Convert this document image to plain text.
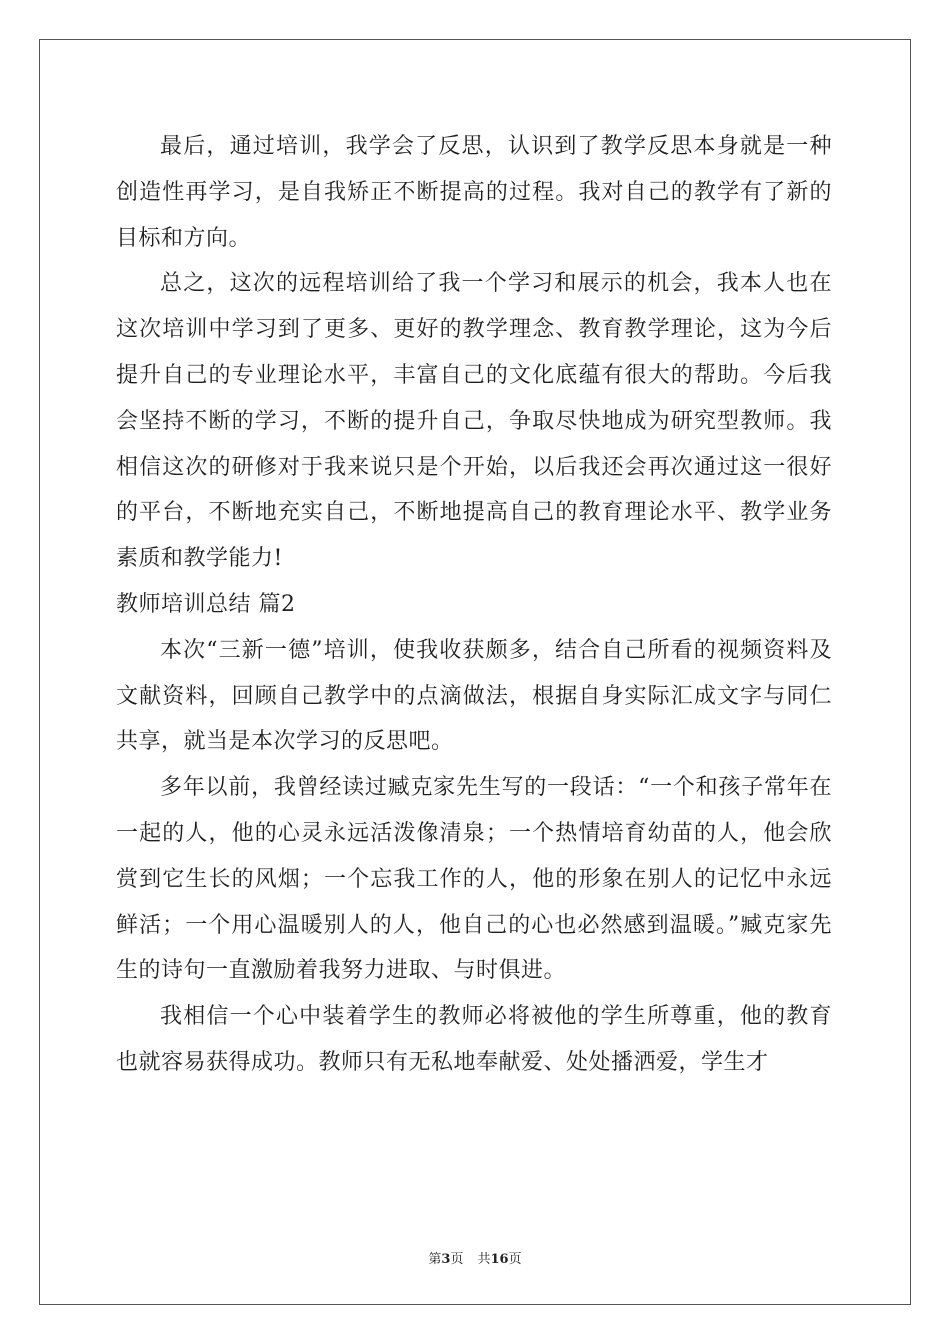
最后，通过培训，我学会了反思，认识到了教学反思本身就是一种创造性再学习，是自我矫正不断提高的过程。我对自己的教学有了新的目标和方向。

总之，这次的远程培训给了我一个学习和展示的机会，我本人也在这次培训中学习到了更多、更好的教学理念、教育教学理论，这为今后提升自己的专业理论水平，丰富自己的文化底蕴有很大的帮助。今后我会坚持不断的学习，不断的提升自己，争取尽快地成为研究型教师。我相信这次的研修对于我来说只是个开始，以后我还会再次通过这一很好的平台，不断地充实自己，不断地提高自己的教育理论水平、教学业务素质和教学能力!

教师培训总结 篇2

本次“三新一德”培训，使我收获颇多，结合自己所看的视频资料及文献资料，回顾自己教学中的点滴做法，根据自身实际汇成文字与同仁共享，就当是本次学习的反思吧。

多年以前，我曾经读过臧克家先生写的一段话：“一个和孩子常年在一起的人，他的心灵永远活泼像清泉；一个热情培育幼苗的人，他会欣赏到它生长的风烟；一个忘我工作的人，他的形象在别人的记忆中永远鲜活；一个用心温暖别人的人，他自己的心也必然感到温暖。”臧克家先生的诗句一直激励着我努力进取、与时俱进。

我相信一个心中装着学生的教师必将被他的学生所尊重，他的教育也就容易获得成功。教师只有无私地奉献爱、处处播洒爱，学生才

第3页 共16页
